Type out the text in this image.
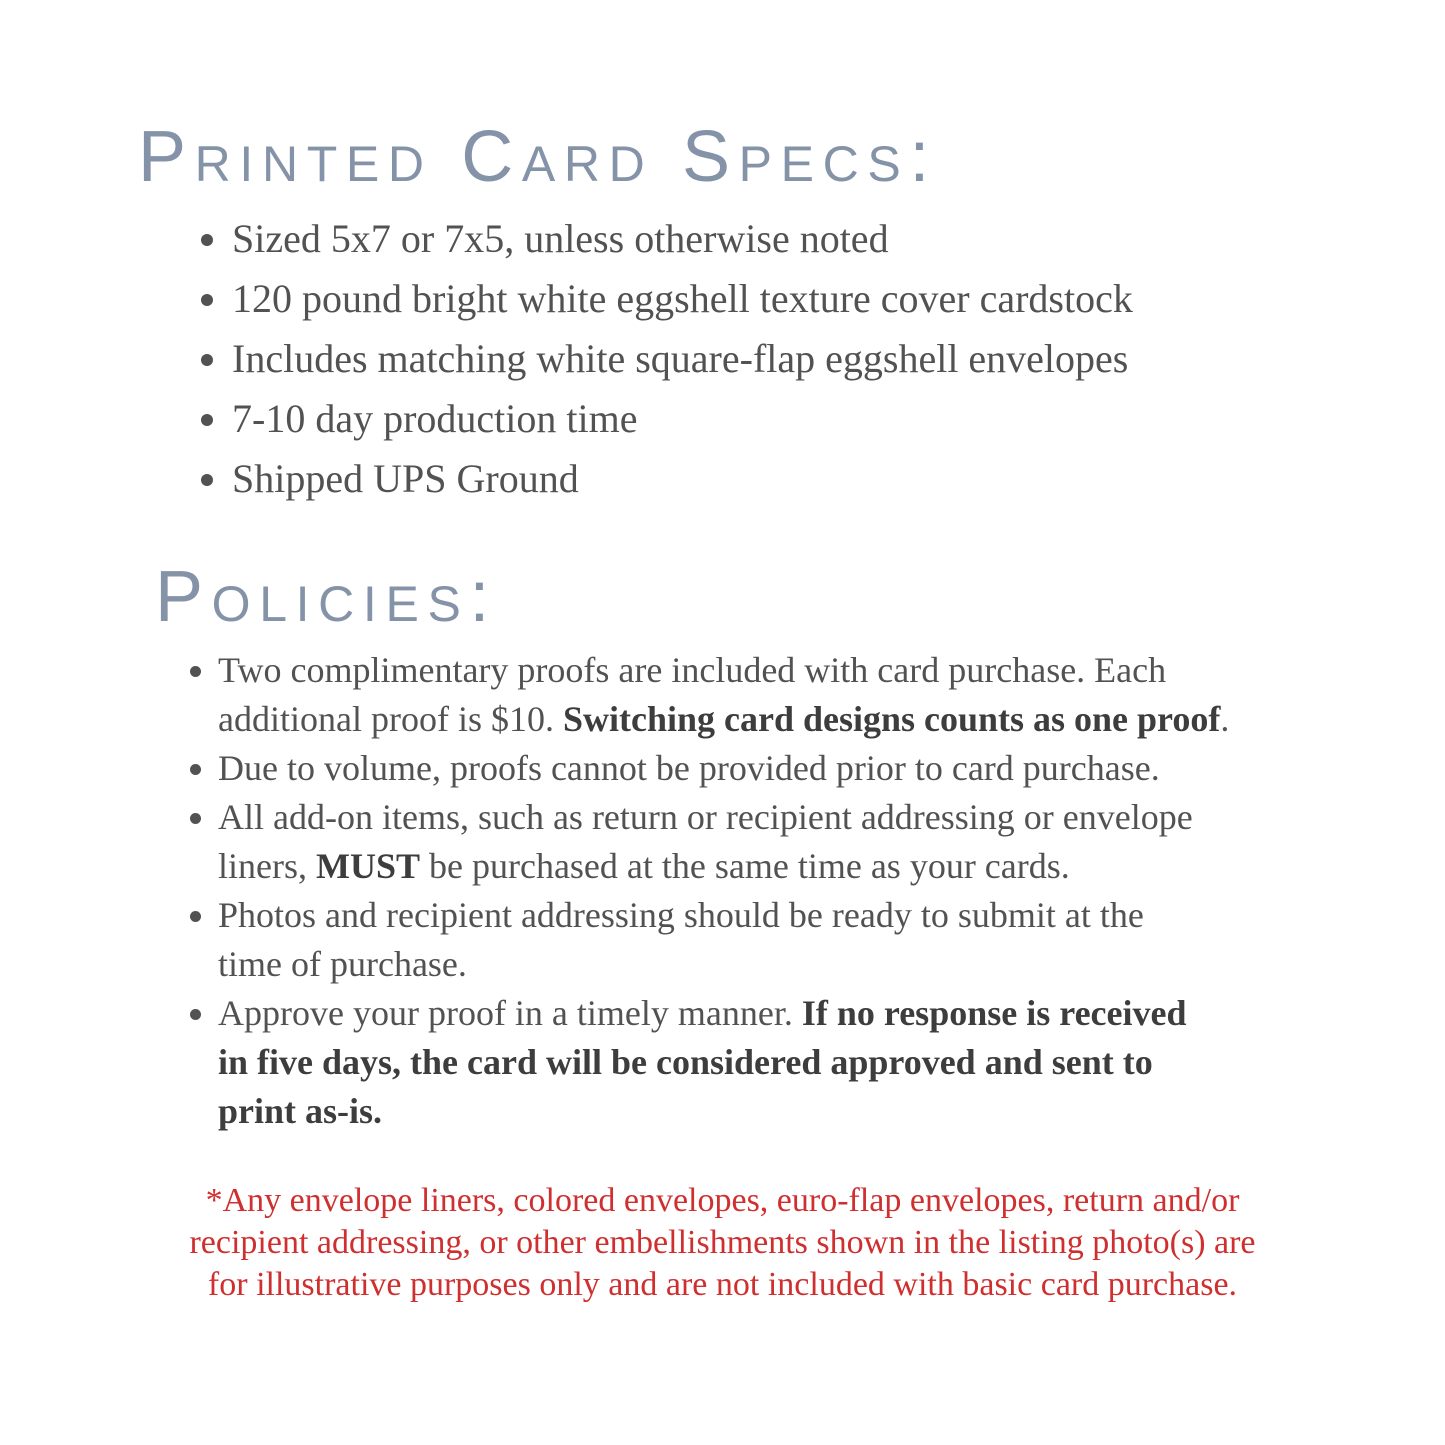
Printed Card Specs:
• Sized 5x7 or 7x5, unless otherwise noted
• 120 pound bright white eggshell texture cover cardstock
• Includes matching white square-flap eggshell envelopes
• 7-10 day production time
• Shipped UPS Ground
Policies:
• Two complimentary proofs are included with card purchase. Each
additional proof is $10. Switching card designs counts as one proof.
• Due to volume, proofs cannot be provided prior to card purchase.
• All add-on items, such as return or recipient addressing or envelope
liners, MUST be purchased at the same time as your cards.
• Photos and recipient addressing should be ready to submit at the
time of purchase.
• Approve your proof in a timely manner. If no response is received
in five days, the card will be considered approved and sent to
print as-is.
*Any envelope liners, colored envelopes, euro-flap envelopes, return and/or
recipient addressing, or other embellishments shown in the listing photo(s) are
for illustrative purposes only and are not included with basic card purchase.
